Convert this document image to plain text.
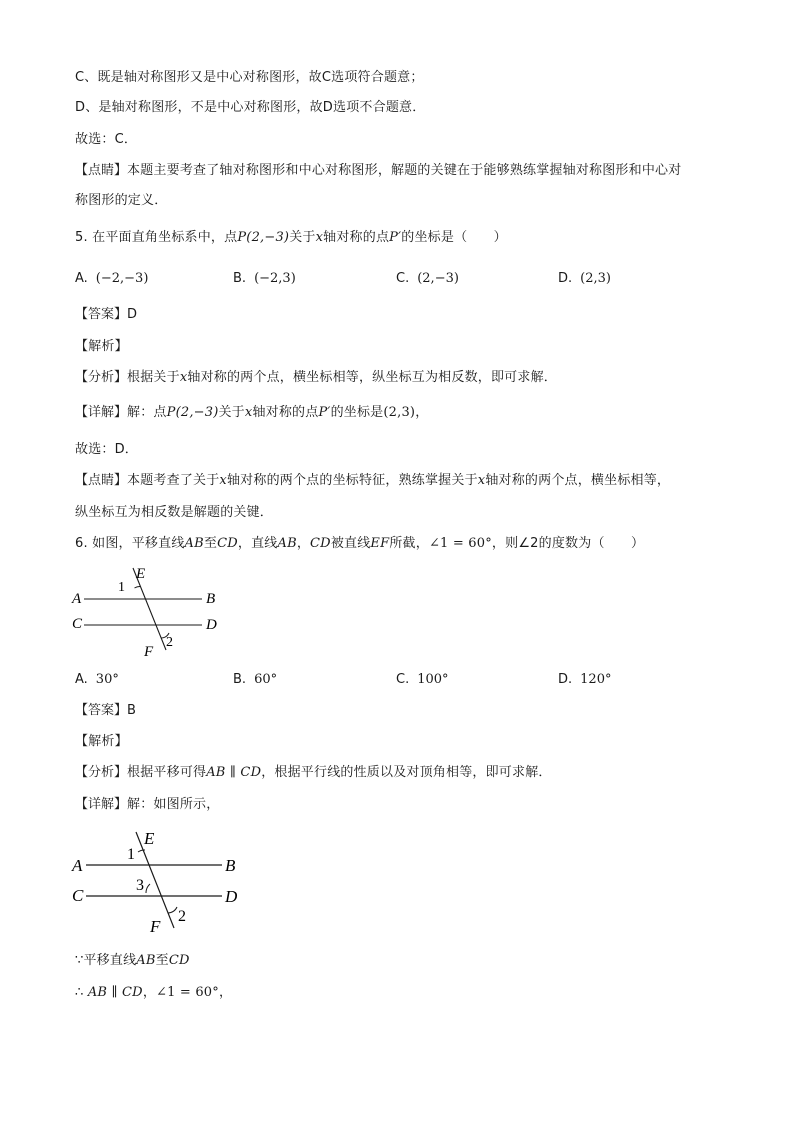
C、既是轴对称图形又是中心对称图形，故C选项符合题意；
D、是轴对称图形，不是中心对称图形，故D选项不合题意．
故选：C．
【点睛】本题主要考查了轴对称图形和中心对称图形，解题的关键在于能够熟练掌握轴对称图形和中心对
称图形的定义．
5. 在平面直角坐标系中，点P(2,−3)关于x轴对称的点P′的坐标是（　　）
A. (−2,−3)	B. (−2,3)	C. (2,−3)	D. (2,3)
【答案】D
【解析】
【分析】根据关于x轴对称的两个点，横坐标相等，纵坐标互为相反数，即可求解．
【详解】解：点P(2,−3)关于x轴对称的点P′的坐标是(2,3)，
故选：D．
【点睛】本题考查了关于x轴对称的两个点的坐标特征，熟练掌握关于x轴对称的两个点，横坐标相等，
纵坐标互为相反数是解题的关键．
6. 如图，平移直线AB至CD，直线AB，CD被直线EF所截，∠1 = 60°，则∠2的度数为（　　）
A	B
C	D
E
F
1
2
A. 30°	B. 60°	C. 100°	D. 120°
【答案】B
【解析】
【分析】根据平移可得AB ∥ CD，根据平行线的性质以及对顶角相等，即可求解．
【详解】解：如图所示，
A	B
C	D
E
F
1
3
2
∵平移直线AB至CD
∴ AB ∥ CD，∠1 = 60°，
